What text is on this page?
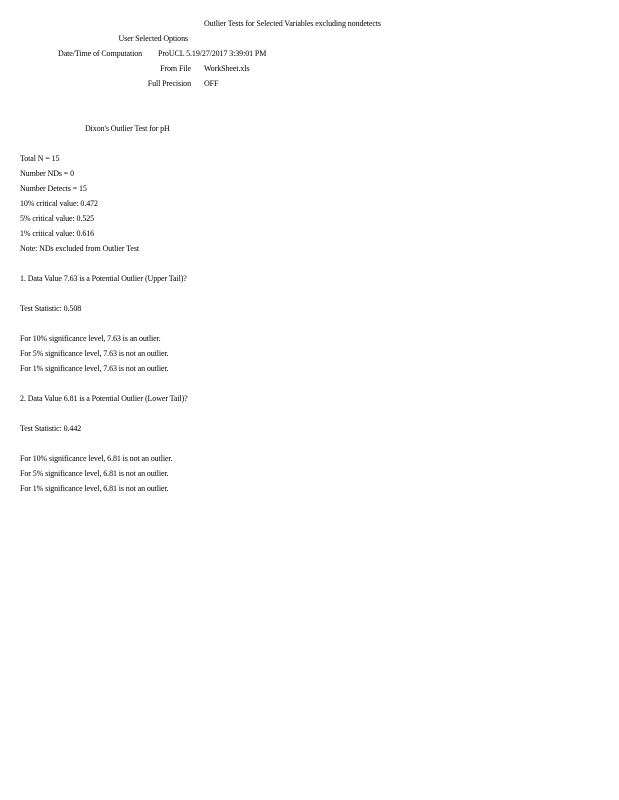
Outlier Tests for Selected Variables excluding nondetects
User Selected Options
Date/Time of Computation ProUCL 5.19/27/2017 3:39:01 PM
From File WorkSheet.xls
Full Precision OFF
Dixon's Outlier Test for pH
Total N = 15
Number NDs = 0
Number Detects = 15
10% critical value: 0.472
5% critical value: 0.525
1% critical value: 0.616
Note: NDs excluded from Outlier Test
1. Data Value 7.63 is a Potential Outlier (Upper Tail)?
Test Statistic: 0.508
For 10% significance level, 7.63 is an outlier.
For 5% significance level, 7.63 is not an outlier.
For 1% significance level, 7.63 is not an outlier.
2. Data Value 6.81 is a Potential Outlier (Lower Tail)?
Test Statistic: 0.442
For 10% significance level, 6.81 is not an outlier.
For 5% significance level, 6.81 is not an outlier.
For 1% significance level, 6.81 is not an outlier.
